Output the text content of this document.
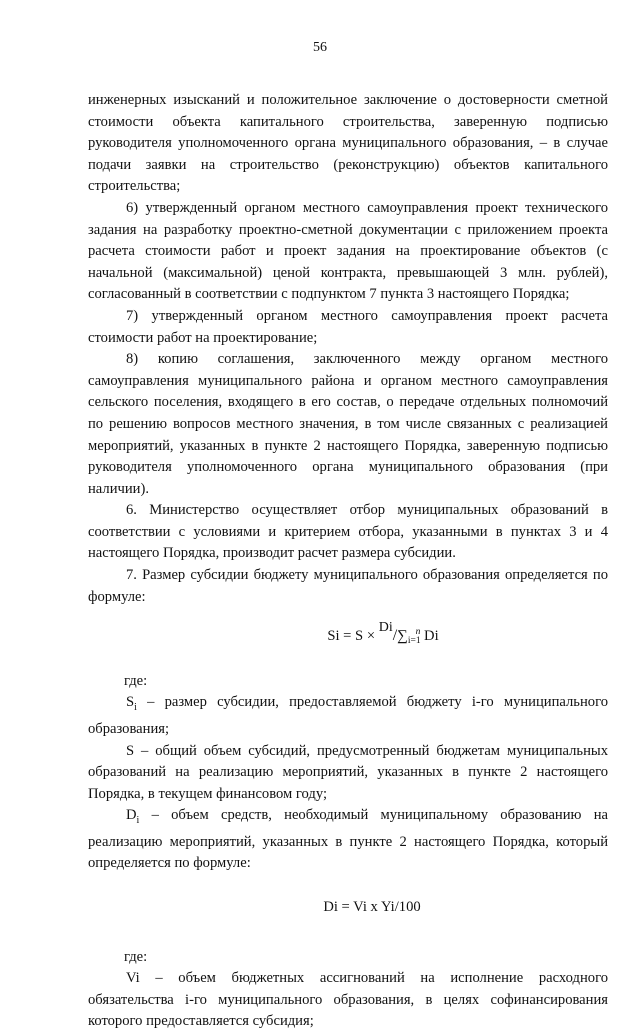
56

инженерных изысканий и положительное заключение о достоверности сметной стоимости объекта капитального строительства, заверенную подписью руководителя уполномоченного органа муниципального образования, – в случае подачи заявки на строительство (реконструкцию) объектов капитального строительства;

6) утвержденный органом местного самоуправления проект технического задания на разработку проектно-сметной документации с приложением проекта расчета стоимости работ и проект задания на проектирование объектов (с начальной (максимальной) ценой контракта, превышающей 3 млн. рублей), согласованный в соответствии с подпунктом 7 пункта 3 настоящего Порядка;

7) утвержденный органом местного самоуправления проект расчета стоимости работ на проектирование;

8) копию соглашения, заключенного между органом местного самоуправления муниципального района и органом местного самоуправления сельского поселения, входящего в его состав, о передаче отдельных полномочий по решению вопросов местного значения, в том числе связанных с реализацией мероприятий, указанных в пункте 2 настоящего Порядка, заверенную подписью руководителя уполномоченного органа муниципального образования (при наличии).

6. Министерство осуществляет отбор муниципальных образований в соответствии с условиями и критерием отбора, указанными в пунктах 3 и 4 настоящего Порядка, производит расчет размера субсидии.

7. Размер субсидии бюджету муниципального образования определяется по формуле:

$Si = S \times Di/\sum_{i=1}^n$ Di

где:

$S_i$ – размер субсидии, предоставляемой бюджету i-го муниципального образования;

S – общий объем субсидий, предусмотренный бюджетам муниципальных образований на реализацию мероприятий, указанных в пункте 2 настоящего Порядка, в текущем финансовом году;

$D_i$ – объем средств, необходимый муниципальному образованию на реализацию мероприятий, указанных в пункте 2 настоящего Порядка, который определяется по формуле:

Di = Vi x Yi/100

где:

Vi – объем бюджетных ассигнований на исполнение расходного обязательства i-го муниципального образования, в целях софинансирования которого предоставляется субсидия;
